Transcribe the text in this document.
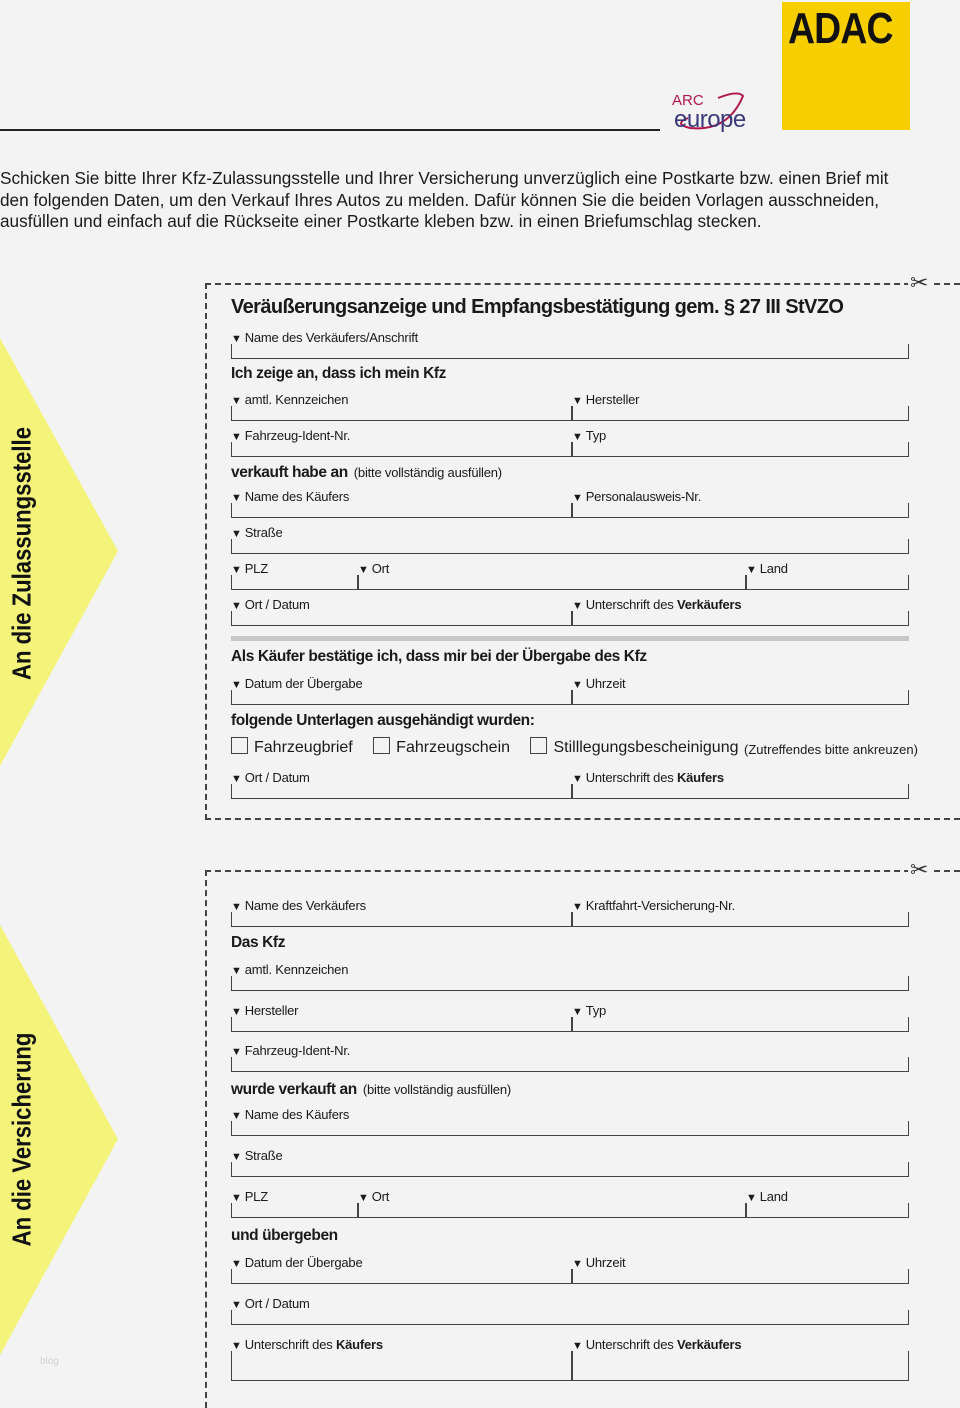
ARC
europe
ADAC
Schicken Sie bitte Ihrer Kfz-Zulassungsstelle und Ihrer Versicherung unverzüglich eine Postkarte bzw. einen Brief mit den folgenden Daten, um den Verkauf Ihres Autos zu melden. Dafür können Sie die beiden Vorlagen ausschneiden, ausfüllen und einfach auf die Rückseite einer Postkarte kleben bzw. in einen Briefumschlag stecken.
An die Zulassungsstelle
An die Versicherung
blog
✂
Veräußerungsanzeige und Empfangsbestätigung gem. § 27 III StVZO
▼ Name des Verkäufers/Anschrift
Ich zeige an, dass ich mein Kfz
▼ amtl. Kennzeichen	▼ Hersteller
▼ Fahrzeug-Ident-Nr.	▼ Typ
verkauft habe an (bitte vollständig ausfüllen)
▼ Name des Käufers	▼ Personalausweis-Nr.
▼ Straße
▼ PLZ	▼ Ort	▼ Land
▼ Ort / Datum	▼ Unterschrift des Verkäufers
Als Käufer bestätige ich, dass mir bei der Übergabe des Kfz
▼ Datum der Übergabe	▼ Uhrzeit
folgende Unterlagen ausgehändigt wurden:
Fahrzeugbrief	Fahrzeugschein	Stilllegungsbescheinigung (Zutreffendes bitte ankreuzen)
▼ Ort / Datum	▼ Unterschrift des Käufers
✂
▼ Name des Verkäufers	▼ Kraftfahrt-Versicherung-Nr.
Das Kfz
▼ amtl. Kennzeichen
▼ Hersteller	▼ Typ
▼ Fahrzeug-Ident-Nr.
wurde verkauft an (bitte vollständig ausfüllen)
▼ Name des Käufers
▼ Straße
▼ PLZ	▼ Ort	▼ Land
und übergeben
▼ Datum der Übergabe	▼ Uhrzeit
▼ Ort / Datum
▼ Unterschrift des Käufers	▼ Unterschrift des Verkäufers
